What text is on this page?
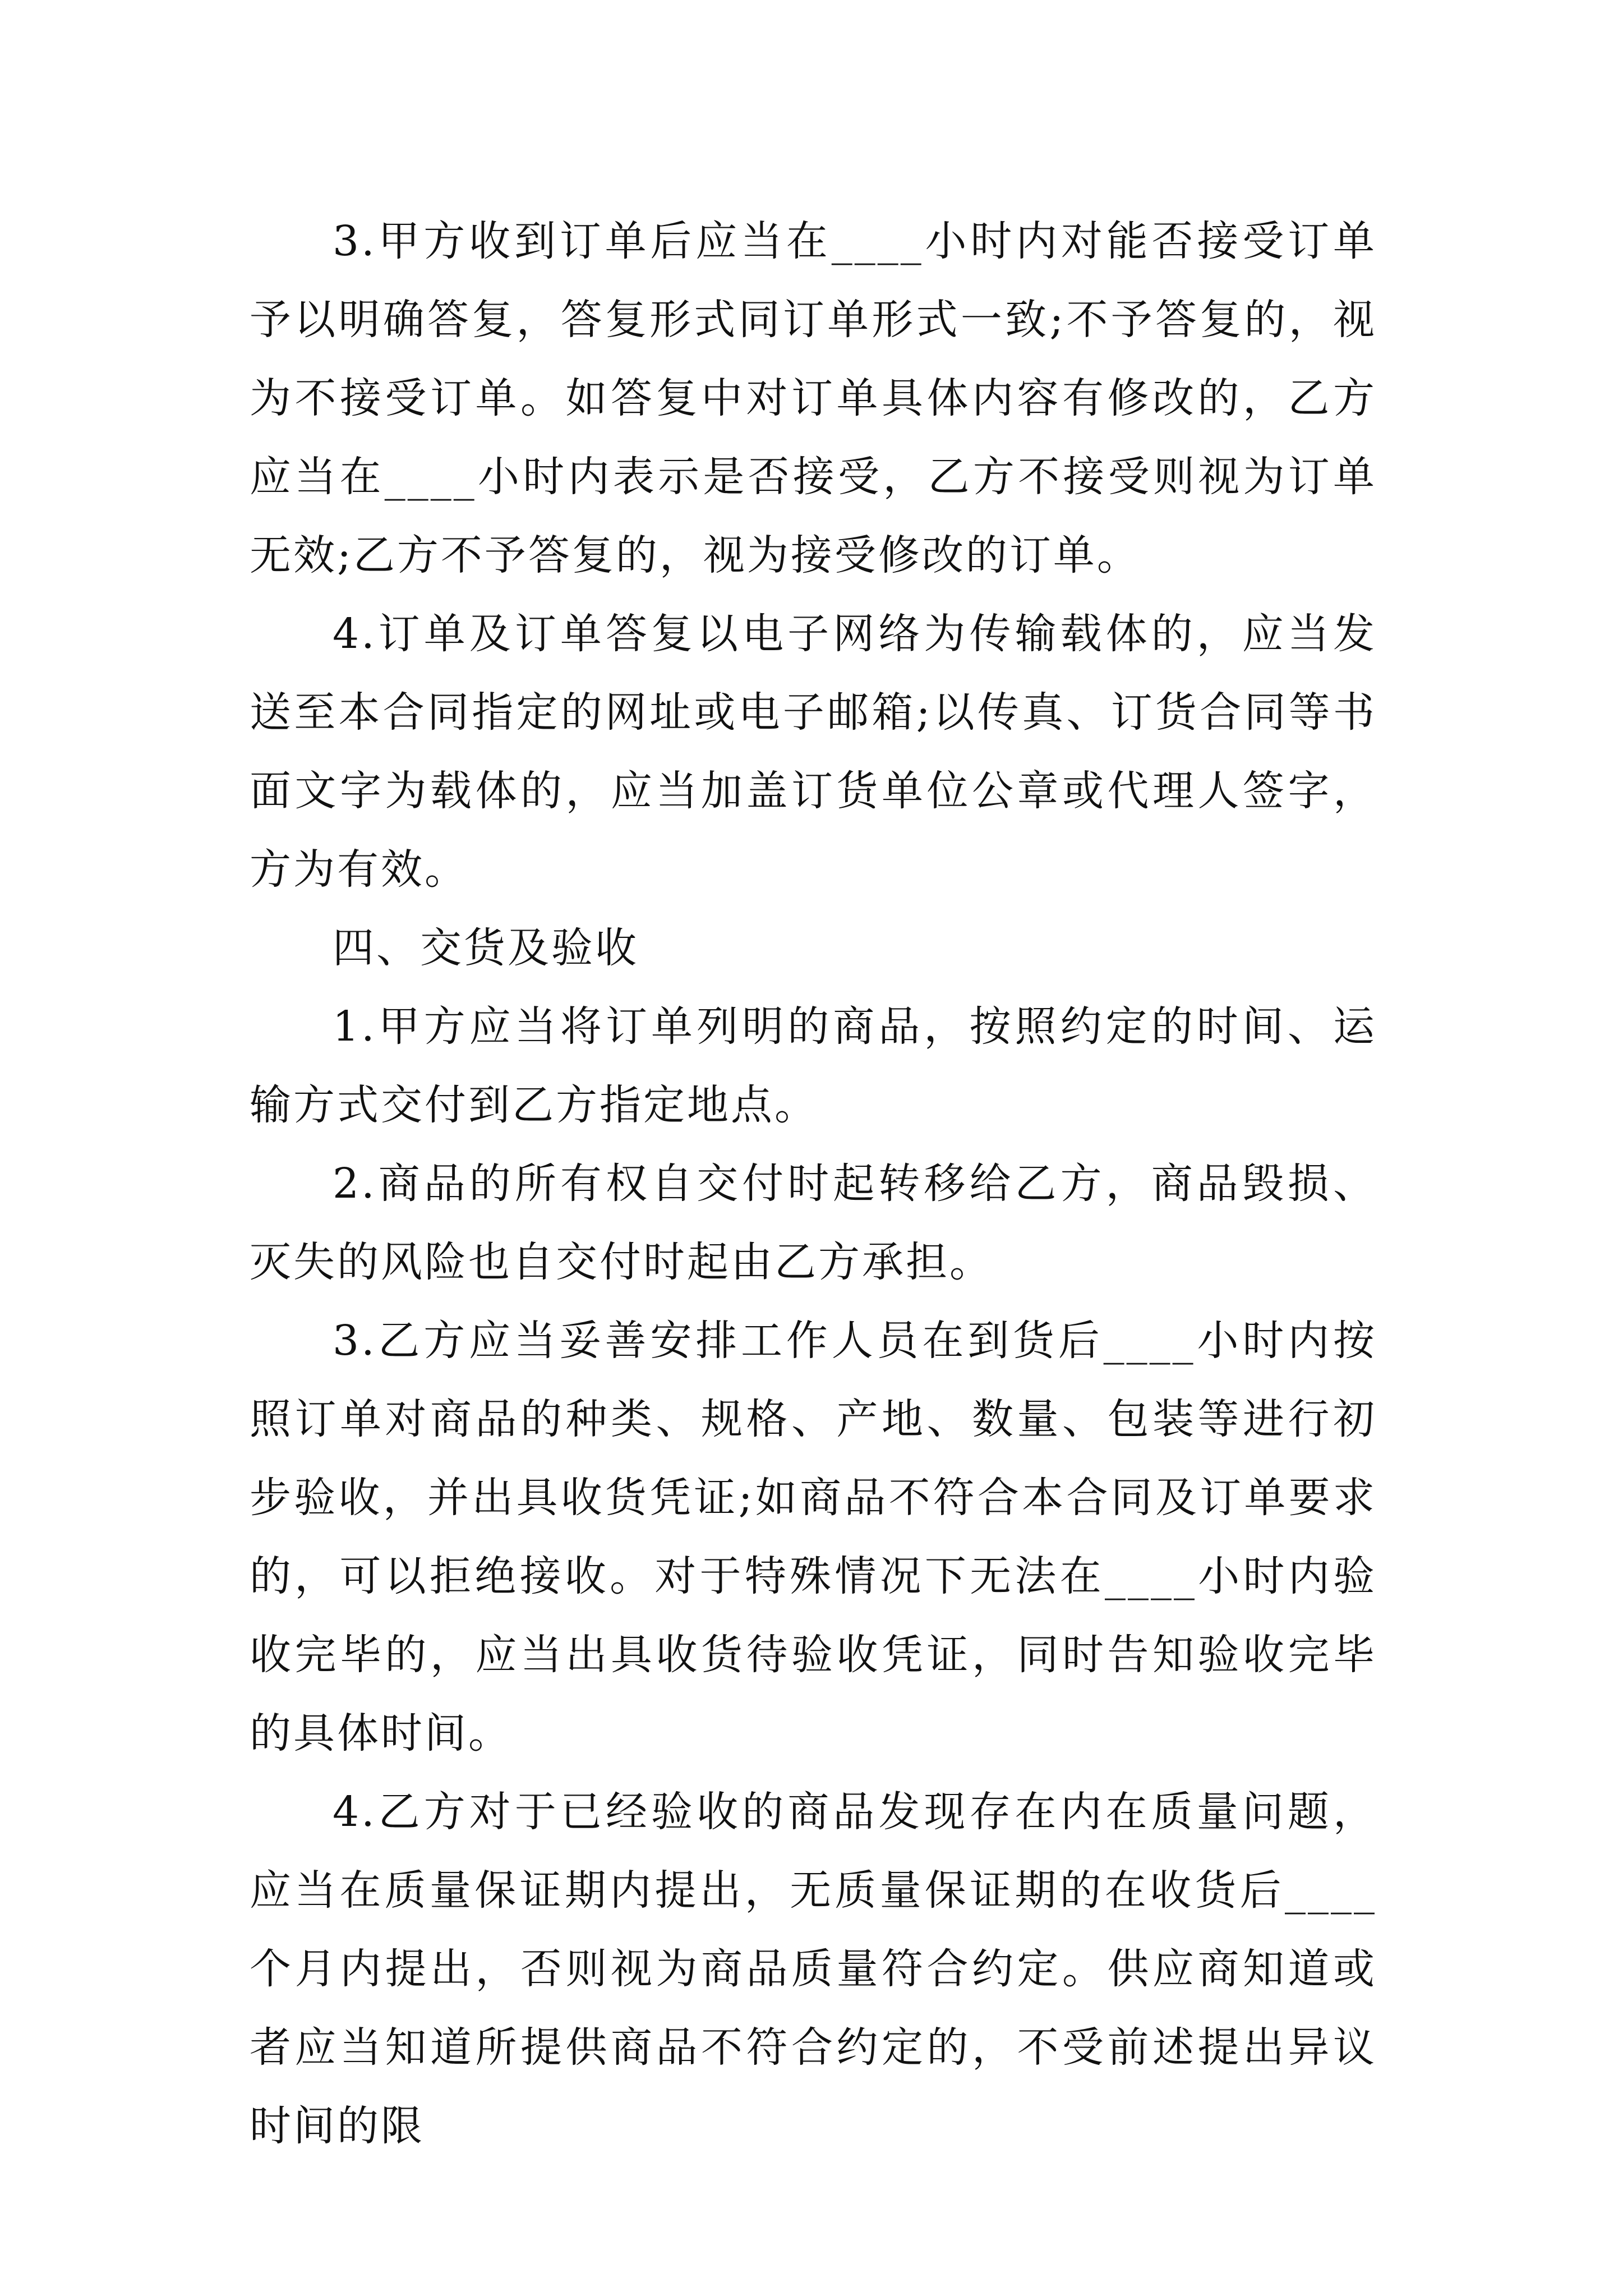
3.甲方收到订单后应当在____小时内对能否接受订单予以明确答复，答复形式同订单形式一致;不予答复的，视为不接受订单。如答复中对订单具体内容有修改的，乙方应当在____小时内表示是否接受，乙方不接受则视为订单无效;乙方不予答复的，视为接受修改的订单。

4.订单及订单答复以电子网络为传输载体的，应当发送至本合同指定的网址或电子邮箱;以传真、订货合同等书面文字为载体的，应当加盖订货单位公章或代理人签字，方为有效。

四、交货及验收

1.甲方应当将订单列明的商品，按照约定的时间、运输方式交付到乙方指定地点。

2.商品的所有权自交付时起转移给乙方，商品毁损、灭失的风险也自交付时起由乙方承担。

3.乙方应当妥善安排工作人员在到货后____小时内按照订单对商品的种类、规格、产地、数量、包装等进行初步验收，并出具收货凭证;如商品不符合本合同及订单要求的，可以拒绝接收。对于特殊情况下无法在____小时内验收完毕的，应当出具收货待验收凭证，同时告知验收完毕的具体时间。

4.乙方对于已经验收的商品发现存在内在质量问题，应当在质量保证期内提出，无质量保证期的在收货后____个月内提出，否则视为商品质量符合约定。供应商知道或者应当知道所提供商品不符合约定的，不受前述提出异议时间的限
